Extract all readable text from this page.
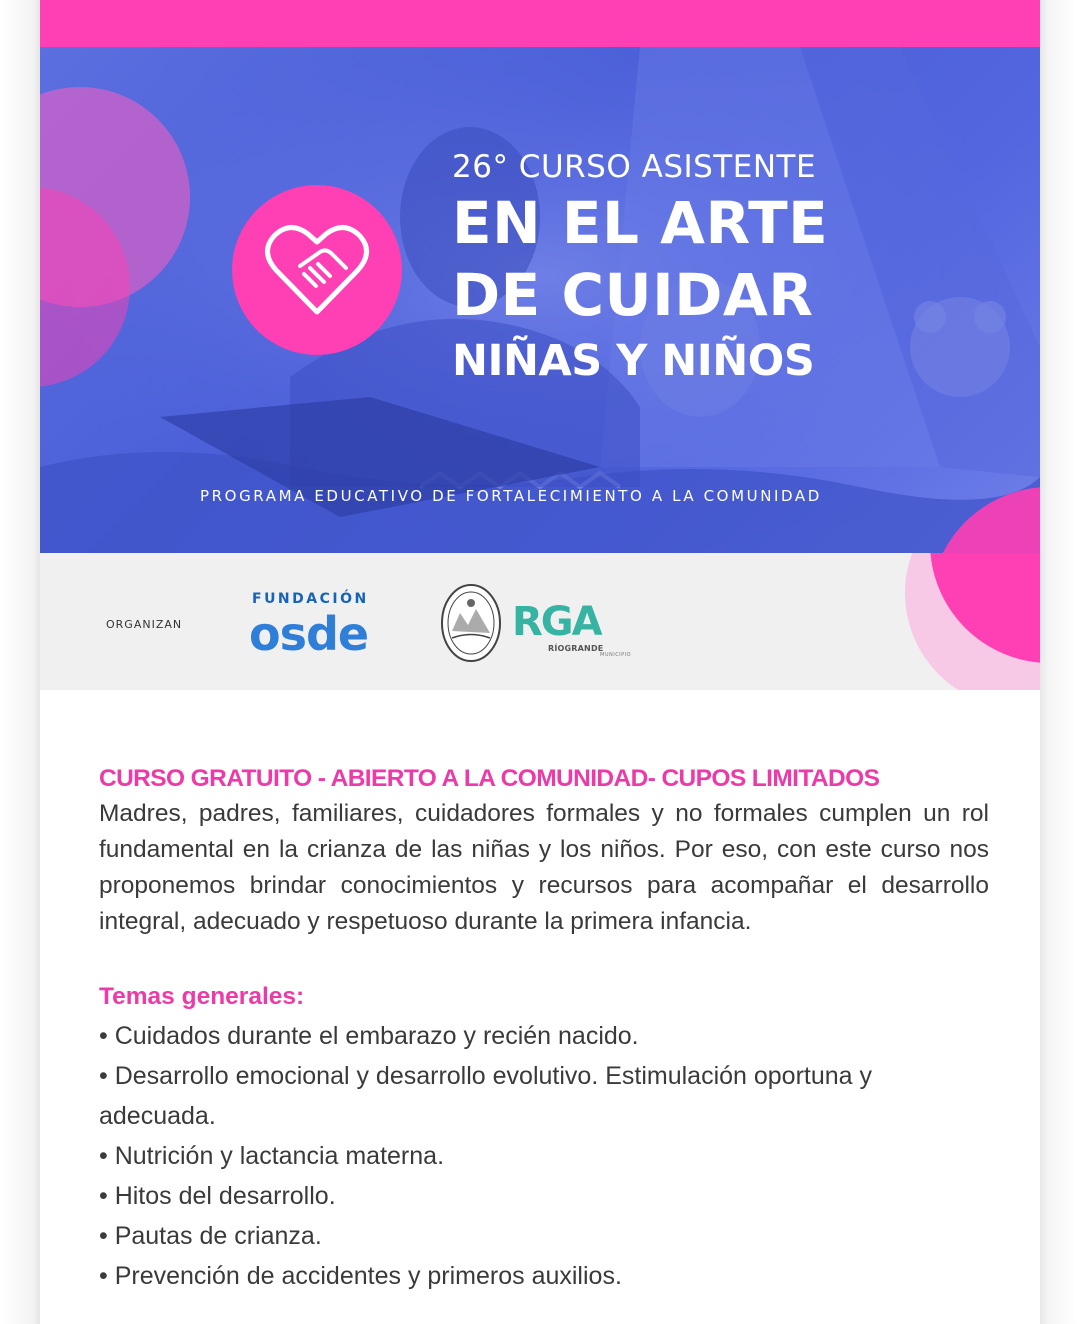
26° CURSO ASISTENTE
EN EL ARTE
DE CUIDAR
NIÑAS Y NIÑOS
PROGRAMA EDUCATIVO DE FORTALECIMIENTO A LA COMUNIDAD
ORGANIZAN
FUNDACIÓN
osde	RGA
RÍOGRANDE
MUNICIPIO
CURSO GRATUITO - ABIERTO A LA COMUNIDAD- CUPOS LIMITADOS
Madres, padres, familiares, cuidadores formales y no formales cumplen un rol fundamental en la crianza de las niñas y los niños. Por eso, con este curso nos proponemos brindar conocimientos y recursos para acompañar el desarrollo integral, adecuado y respetuoso durante la primera infancia.
Temas generales:
• Cuidados durante el embarazo y recién nacido.
• Desarrollo emocional y desarrollo evolutivo. Estimulación oportuna y adecuada.
• Nutrición y lactancia materna.
• Hitos del desarrollo.
• Pautas de crianza.
• Prevención de accidentes y primeros auxilios.
